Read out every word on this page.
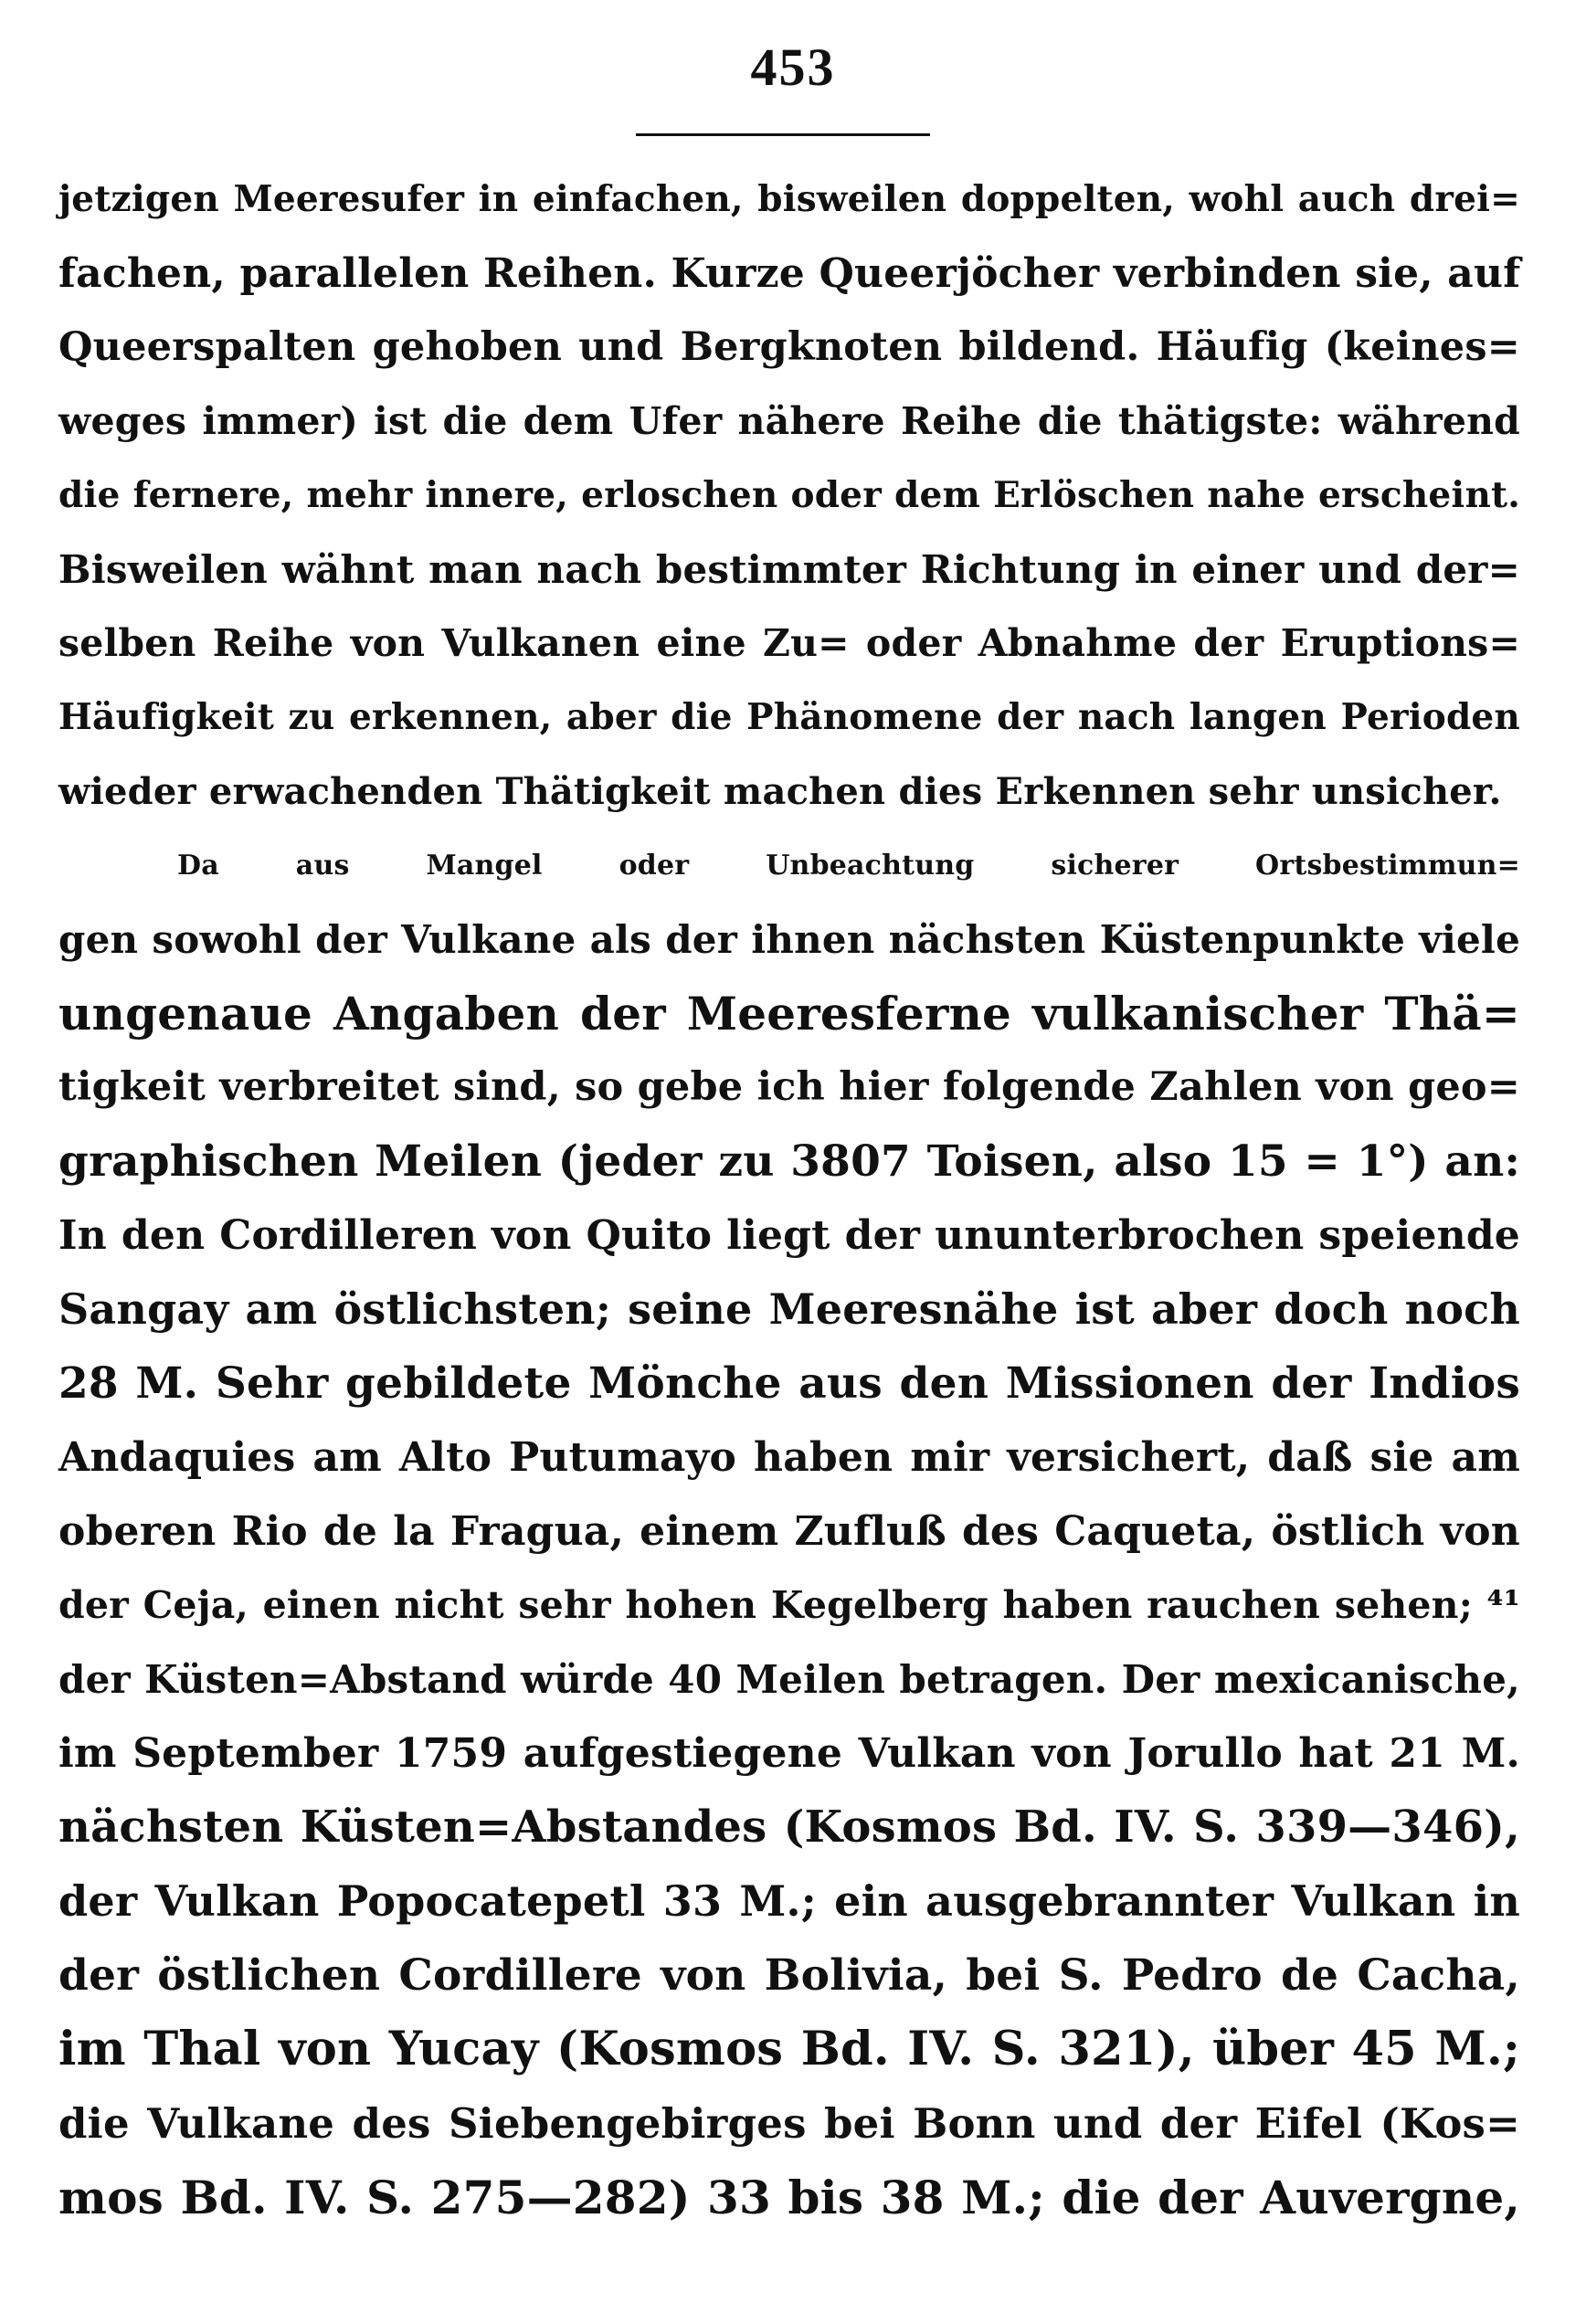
453
jetzigen Meeresufer in einfachen, bisweilen doppelten, wohl auch drei=
fachen, parallelen Reihen. Kurze Queerjöcher verbinden sie, auf
Queerspalten gehoben und Bergknoten bildend. Häufig (keines=
weges immer) ist die dem Ufer nähere Reihe die thätigste: während
die fernere, mehr innere, erloschen oder dem Erlöschen nahe erscheint.
Bisweilen wähnt man nach bestimmter Richtung in einer und der=
selben Reihe von Vulkanen eine Zu= oder Abnahme der Eruptions=
Häufigkeit zu erkennen, aber die Phänomene der nach langen Perioden
wieder erwachenden Thätigkeit machen dies Erkennen sehr unsicher.
Da aus Mangel oder Unbeachtung sicherer Ortsbestimmun=
gen sowohl der Vulkane als der ihnen nächsten Küstenpunkte viele
ungenaue Angaben der Meeresferne vulkanischer Thä=
tigkeit verbreitet sind, so gebe ich hier folgende Zahlen von geo=
graphischen Meilen (jeder zu 3807 Toisen, also 15 = 1°) an:
In den Cordilleren von Quito liegt der ununterbrochen speiende
Sangay am östlichsten; seine Meeresnähe ist aber doch noch
28 M. Sehr gebildete Mönche aus den Missionen der Indios
Andaquies am Alto Putumayo haben mir versichert, daß sie am
oberen Rio de la Fragua, einem Zufluß des Caqueta, östlich von
der Ceja, einen nicht sehr hohen Kegelberg haben rauchen sehen; ⁴¹
der Küsten=Abstand würde 40 Meilen betragen. Der mexicanische,
im September 1759 aufgestiegene Vulkan von Jorullo hat 21 M.
nächsten Küsten=Abstandes (Kosmos Bd. IV. S. 339—346),
der Vulkan Popocatepetl 33 M.; ein ausgebrannter Vulkan in
der östlichen Cordillere von Bolivia, bei S. Pedro de Cacha,
im Thal von Yucay (Kosmos Bd. IV. S. 321), über 45 M.;
die Vulkane des Siebengebirges bei Bonn und der Eifel (Kos=
mos Bd. IV. S. 275—282) 33 bis 38 M.; die der Auvergne,
